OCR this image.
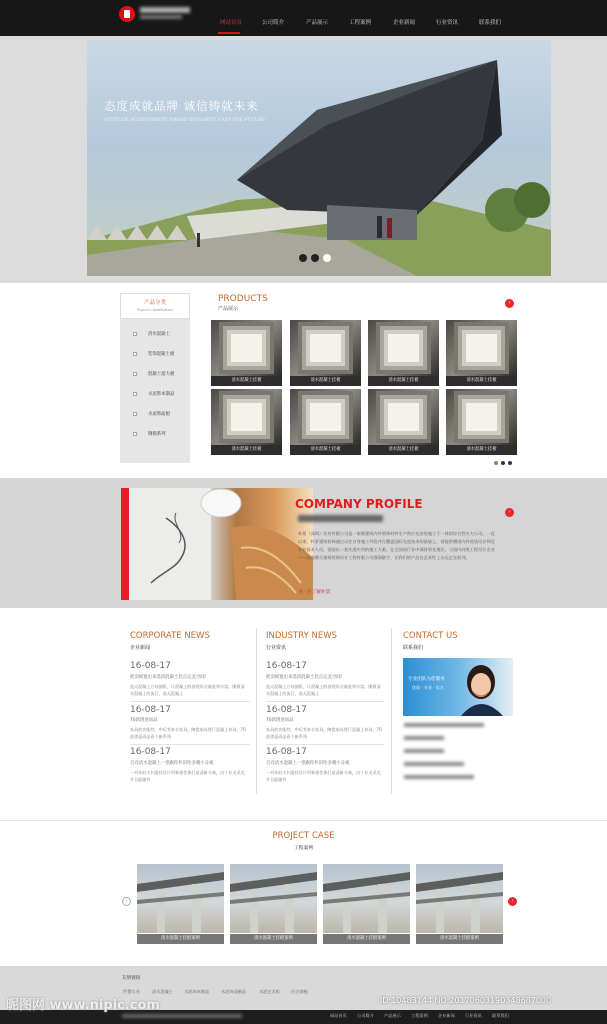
网站首页	公司简介	产品展示	工程案例	企业新闻	行业资讯	联系我们
态度成就品牌 诚信铸就未来
ATTITUDE ACHIEVEMENT BRAND INTEGRITY CAST THE FUTURE
产品分类
Product classification
清水混凝土
装饰混凝土板
混凝土超大板
水泥饰本制品
水泥饰面板
钢模系列
PRODUCTS
产品展示
›
清水混凝土挂板	清水混凝土挂板	清水混凝土挂板	清水混凝土挂板
清水混凝土挂板	清水混凝土挂板	清水混凝土挂板	清水混凝土挂板
COMPANY PROFILE

朴景（深圳）实业有限公司是一家集建筑内外装饰材料生产供应及安装施工于一体的综合性实力公司。一直以来，朴景建筑装饰通过以往自身施工经验并在覆盖国际先进技术的基础上，视能带德国内外优质设计师及专业技术人员，创造出一套先进实用的施工方案，在全国同行业中保持领先地位，与国内同类工程设计企业——河南鼎合建筑装饰设计工程有限公司强强联手，让我们的产品在艺术性上永远走在前列。

进一步了解朴景
›
CORPORATE NEWS
企业新闻
16-08-17
把旧闲置出来选清混凝土装点完美空间！

选无混凝土台灿面板，让混凝土的表现形式源此到丰富，随着清水混凝土的流行，选无混凝土

16-08-17
70款创意而品

家具的功能性，中仅有本衣家具，陶瓷家具透行混凝土家具，70款创意而品看个新系列

16-08-17
自诠清水混凝土一堂跟你怀旧哈多晓小分离

一对年轻夫妇委托设计所新建住体打造清新分离，由于业司采光并且能随有

INDUSTRY NEWS
行业资讯
16-08-17
把旧闲置出来选清混凝土装点完美空间！

选无混凝土台灿面板，让混凝土的表现形式源此到丰富，随着清水混凝土的流行，选无混凝土

16-08-17
70款创意而品

家具的功能性，中仅有本衣家具，陶瓷家具透行混凝土家具，70款创意而品看个新系列

16-08-17
自诠清水混凝土一堂跟你怀旧哈多晓小分离

一对年轻夫妇委托设计所新建住体打造清新分离，由于业司采光并且能随有

CONTACT US
联系我们
专业团队为您服务
优质 · 专业 · 实力
PROJECT CASE
工程案例
‹	›
清水混凝土挂板案例	清水混凝土挂板案例	清水混凝土挂板案例	清水混凝土挂板案例
友情链接
件置实业	清水混凝土	水泥饰本制品	水泥饰面制品	水泥艺术板	仿古钢模
网站首页 公司简介 产品展示 工程案例 企业新闻 行业资讯 联系我们
昵图网 www.nipic.com	ID:10483144 NO:20170603190348687000
